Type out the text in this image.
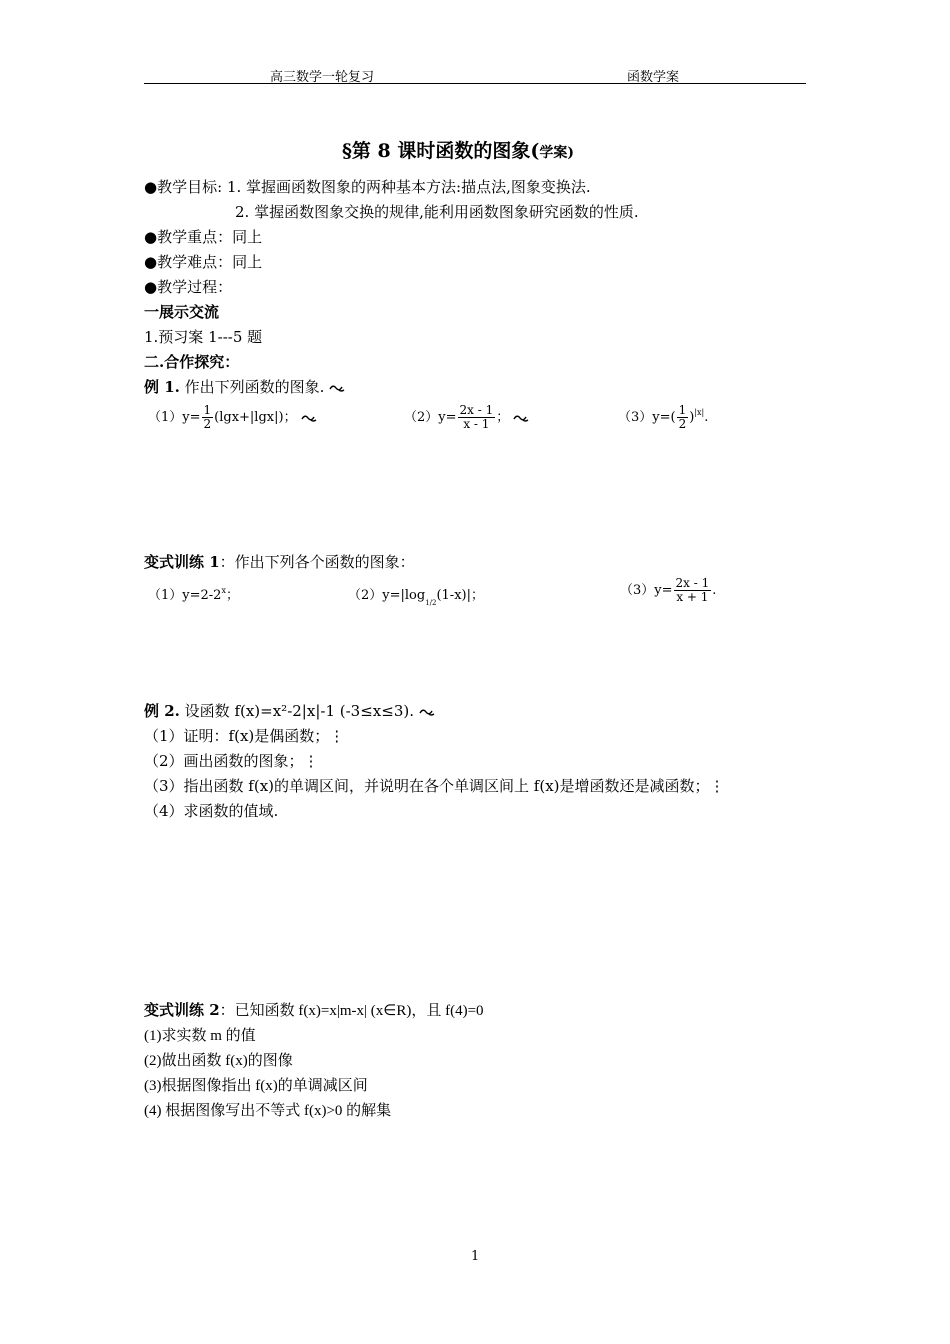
高三数学一轮复习	函数学案
§第 8 课时函数的图象(学案)
●教学目标: 1. 掌握画函数图象的两种基本方法:描点法,图象变换法.
2. 掌握函数图象交换的规律,能利用函数图象研究函数的性质.
●教学重点：同上
●教学难点：同上
●教学过程：
一展示交流
1.预习案 1---5 题
二.合作探究：
例 1. 作出下列函数的图象.
$(1)y= \frac{1}{2} (\lg x+|\lg x|)$；	$(2)y= \frac{2x - 1}{x - 1}$ ；	$(3)y=( \frac{1}{2} )^{|x|}$.
变式训练 1：作出下列各个函数的图象：
$(1)y=2-2^x$；	$(2)y=|\log_{1/2}(1-x)|$；	$(3)y= \frac{2x - 1}{x + 1}$ .
例 2. 设函数 f(x)=x²-2|x|-1 (-3≤x≤3).
（1）证明：f(x)是偶函数；⋮
（2）画出函数的图象；⋮
（3）指出函数 f(x)的单调区间，并说明在各个单调区间上 f(x)是增函数还是减函数；⋮
（4）求函数的值域.
变式训练 2：已知函数 f(x)=x|m-x| (x∈R)，且 f(4)=0
(1)求实数 m 的值
(2)做出函数 f(x)的图像
(3)根据图像指出 f(x)的单调减区间
(4) 根据图像写出不等式 f(x)>0 的解集
1
